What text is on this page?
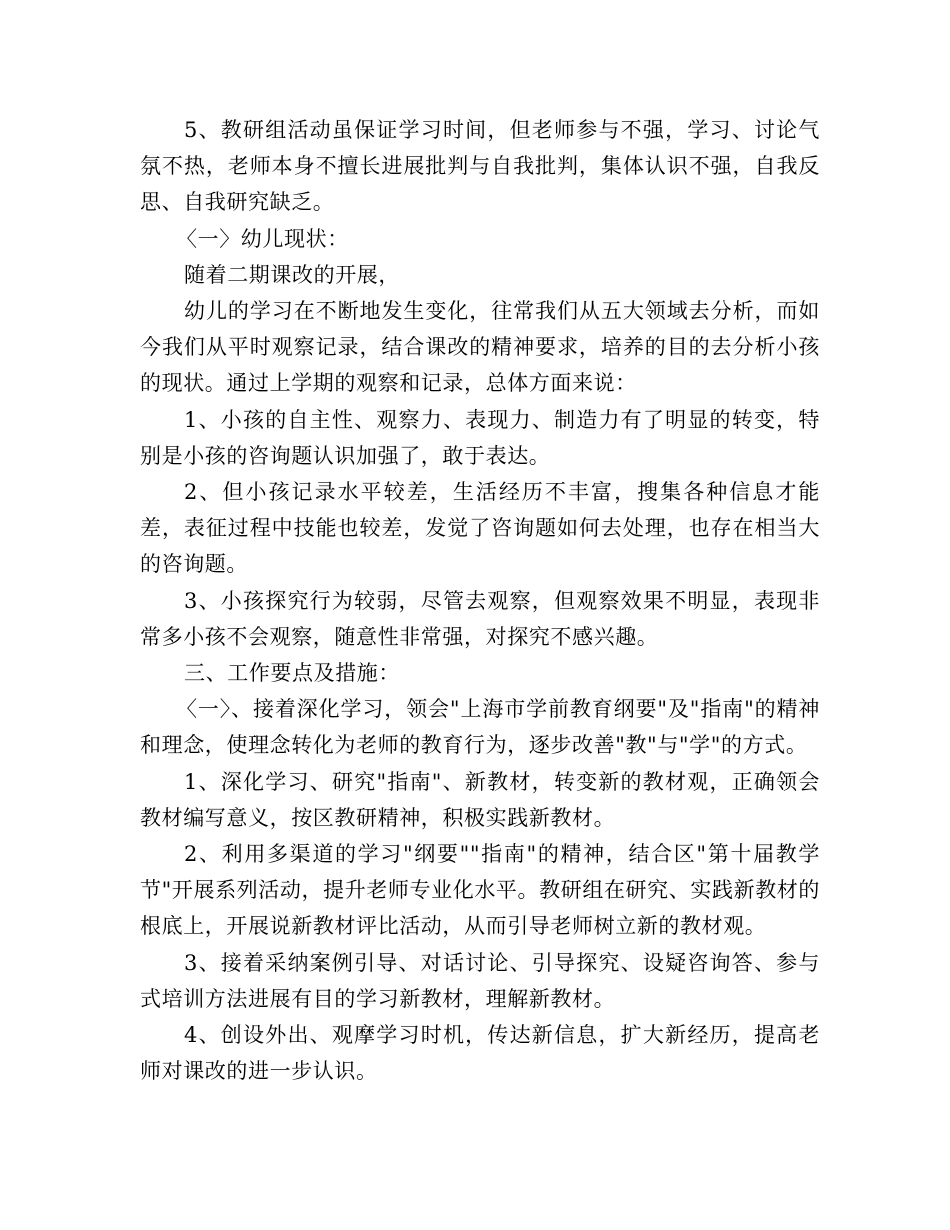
5、教研组活动虽保证学习时间，但老师参与不强，学习、讨论气氛不热，老师本身不擅长进展批判与自我批判，集体认识不强，自我反思、自我研究缺乏。

〈一〉幼儿现状：

随着二期课改的开展，

幼儿的学习在不断地发生变化，往常我们从五大领域去分析，而如今我们从平时观察记录，结合课改的精神要求，培养的目的去分析小孩的现状。通过上学期的观察和记录，总体方面来说：

1、小孩的自主性、观察力、表现力、制造力有了明显的转变，特别是小孩的咨询题认识加强了，敢于表达。

2、但小孩记录水平较差，生活经历不丰富，搜集各种信息才能差，表征过程中技能也较差，发觉了咨询题如何去处理，也存在相当大的咨询题。

3、小孩探究行为较弱，尽管去观察，但观察效果不明显，表现非常多小孩不会观察，随意性非常强，对探究不感兴趣。

三、工作要点及措施：

〈一〉、接着深化学习，领会"上海市学前教育纲要"及"指南"的精神和理念，使理念转化为老师的教育行为，逐步改善"教"与"学"的方式。

1、深化学习、研究"指南"、新教材，转变新的教材观，正确领会教材编写意义，按区教研精神，积极实践新教材。

2、利用多渠道的学习"纲要""指南"的精神，结合区"第十届教学节"开展系列活动，提升老师专业化水平。教研组在研究、实践新教材的根底上，开展说新教材评比活动，从而引导老师树立新的教材观。

3、接着采纳案例引导、对话讨论、引导探究、设疑咨询答、参与式培训方法进展有目的学习新教材，理解新教材。

4、创设外出、观摩学习时机，传达新信息，扩大新经历，提高老师对课改的进一步认识。
